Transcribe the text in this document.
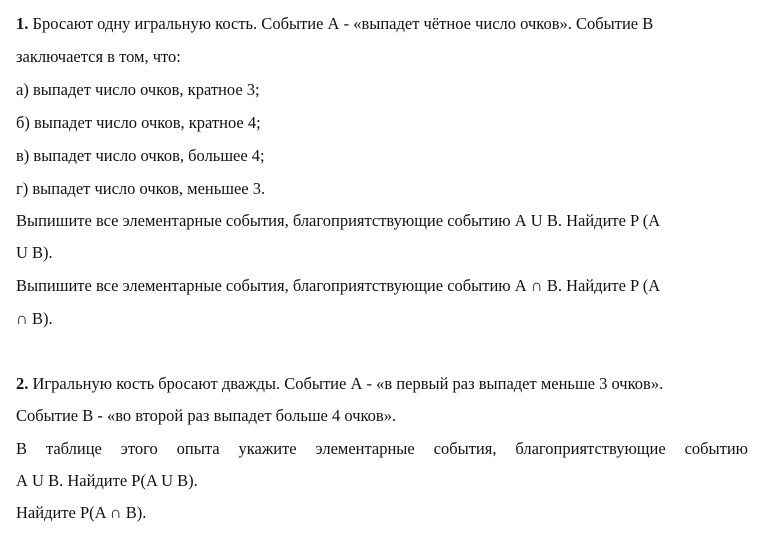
1. Бросают одну игральную кость. Событие А - «выпадет чётное число очков». Событие В
заключается в том, что:
а) выпадет число очков, кратное 3;
б) выпадет число очков, кратное 4;
в) выпадет число очков, большее 4;
г) выпадет число очков, меньшее 3.
Выпишите все элементарные события, благоприятствующие событию А U B. Найдите P (A
U B).
Выпишите все элементарные события, благоприятствующие событию А ∩ B. Найдите P (A
∩ B).
2. Игральную кость бросают дважды. Событие А - «в первый раз выпадет меньше 3 очков».
Событие В - «во второй раз выпадет больше 4 очков».
В таблице этого опыта укажите элементарные события, благоприятствующие событию
А U B. Найдите P(A U B).
Найдите P(A ∩ B).
